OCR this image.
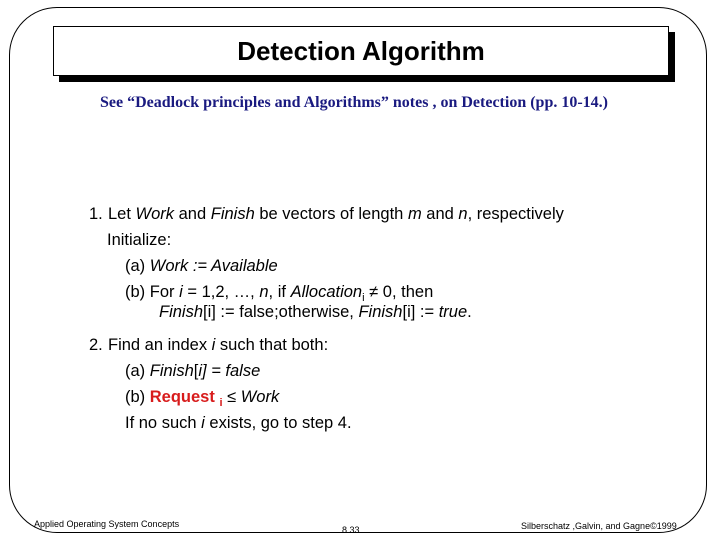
Detection Algorithm
See “Deadlock principles and Algorithms” notes , on Detection (pp. 10-14.)
1. Let Work and Finish be vectors of length m and n, respectively
Initialize:
(a) Work := Available
(b) For i = 1,2, …, n, if Allocation$_i$ ≠ 0, then
Finish[i] := false;otherwise, Finish[i] := true.
2. Find an index i such that both:
(a) Finish[i] = false
(b) Request $_i$ ≤ Work
If no such i exists, go to step 4.
Applied Operating System Concepts
8.33	Silberschatz ,Galvin, and Gagne©1999
